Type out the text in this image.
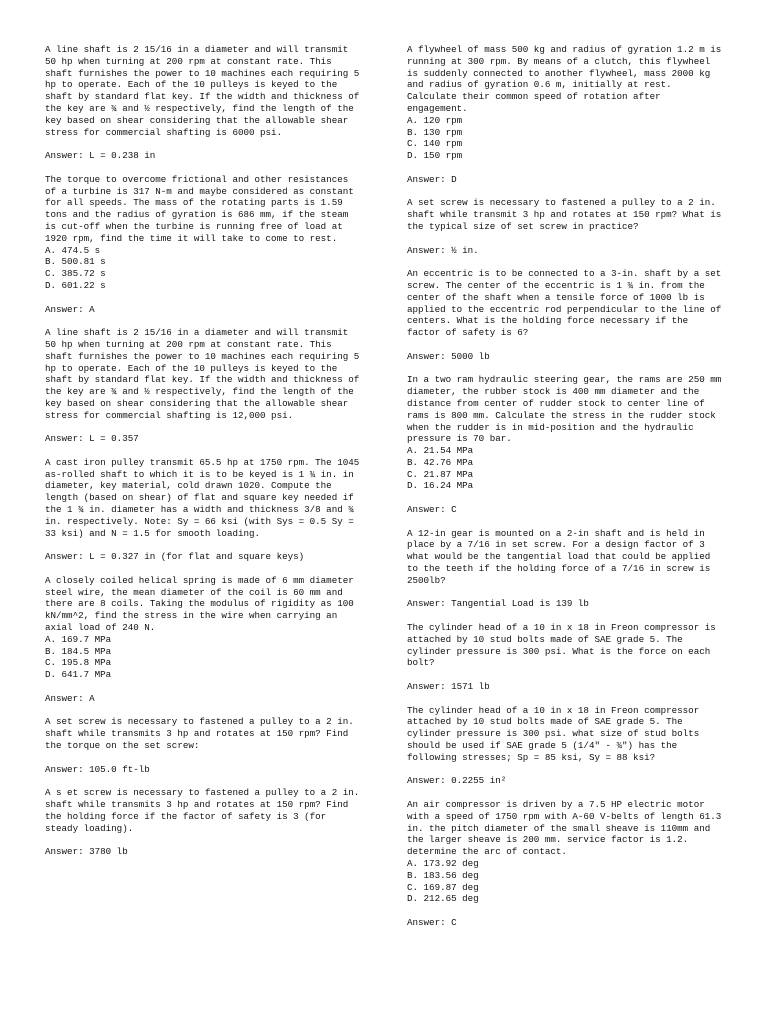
A line shaft is 2 15/16 in a diameter and will transmit 50 hp when turning at 200 rpm at constant rate. This shaft furnishes the power to 10 machines each requiring 5 hp to operate. Each of the 10 pulleys is keyed to the shaft by standard flat key. If the width and thickness of the key are ¾ and ½ respectively, find the length of the key based on shear considering that the allowable shear stress for commercial shafting is 6000 psi.

Answer: L = 0.238 in

The torque to overcome frictional and other resistances of a turbine is 317 N-m and maybe considered as constant for all speeds. The mass of the rotating parts is 1.59 tons and the radius of gyration is 686 mm, if the steam is cut-off when the turbine is running free of load at 1920 rpm, find the time it will take to come to rest.

A. 474.5 s
B. 500.81 s
C. 385.72 s
D. 601.22 s

Answer: A

A line shaft is 2 15/16 in a diameter and will transmit 50 hp when turning at 200 rpm at constant rate. This shaft furnishes the power to 10 machines each requiring 5 hp to operate. Each of the 10 pulleys is keyed to the shaft by standard flat key. If the width and thickness of the key are ¾ and ½ respectively, find the length of the key based on shear considering that the allowable shear stress for commercial shafting is 12,000 psi.

Answer: L = 0.357

A cast iron pulley transmit 65.5 hp at 1750 rpm. The 1045 as-rolled shaft to which it is to be keyed is 1 ¾ in. in diameter, key material, cold drawn 1020. Compute the length (based on shear) of flat and square key needed if the 1 ¾ in. diameter has a width and thickness 3/8 and ¾ in. respectively. Note: Sy = 66 ksi (with Sys = 0.5 Sy = 33 ksi) and N = 1.5 for smooth loading.

Answer: L = 0.327 in (for flat and square keys)

A closely coiled helical spring is made of 6 mm diameter steel wire, the mean diameter of the coil is 60 mm and there are 8 coils. Taking the modulus of rigidity as 100 kN/mm^2, find the stress in the wire when carrying an axial load of 240 N.

A. 169.7 MPa
B. 184.5 MPa
C. 195.8 MPa
D. 641.7 MPa

Answer: A

A set screw is necessary to fastened a pulley to a 2 in. shaft while transmits 3 hp and rotates at 150 rpm? Find the torque on the set screw:

Answer: 105.0 ft-lb

A s et screw is necessary to fastened a pulley to a 2 in. shaft while transmits 3 hp and rotates at 150 rpm? Find the holding force if the factor of safety is 3 (for steady loading).

Answer: 3780 lb

A flywheel of mass 500 kg and radius of gyration 1.2 m is running at 300 rpm. By means of a clutch, this flywheel is suddenly connected to another flywheel, mass 2000 kg and radius of gyration 0.6 m, initially at rest. Calculate their common speed of rotation after engagement.

A. 120 rpm
B. 130 rpm
C. 140 rpm
D. 150 rpm

Answer: D

A set screw is necessary to fastened a pulley to a 2 in. shaft while transmit 3 hp and rotates at 150 rpm? What is the typical size of set screw in practice?

Answer: ½ in.

An eccentric is to be connected to a 3-in. shaft by a set screw. The center of the eccentric is 1 ¾ in. from the center of the shaft when a tensile force of 1000 lb is applied to the eccentric rod perpendicular to the line of centers. What is the holding force necessary if the factor of safety is 6?

Answer: 5000 lb

In a two ram hydraulic steering gear, the rams are 250 mm diameter, the rubber stock is 400 mm diameter and the distance from center of rudder stock to center line of rams is 800 mm. Calculate the stress in the rudder stock when the rudder is in mid-position and the hydraulic pressure is 70 bar.

A. 21.54 MPa
B. 42.76 MPa
C. 21.87 MPa
D. 16.24 MPa

Answer: C

A 12-in gear is mounted on a 2-in shaft and is held in place by a 7/16 in set screw. For a design factor of 3 what would be the tangential load that could be applied to the teeth if the holding force of a 7/16 in screw is 2500lb?

Answer: Tangential Load is 139 lb

The cylinder head of a 10 in x 18 in Freon compressor is attached by 10 stud bolts made of SAE grade 5. The cylinder pressure is 300 psi. What is the force on each bolt?

Answer: 1571 lb

The cylinder head of a 10 in x 18 in Freon compressor attached by 10 stud bolts made of SAE grade 5. The cylinder pressure is 300 psi. what size of stud bolts should be used if SAE grade 5 (1/4" - ¾") has the following stresses; Sp = 85 ksi, Sy = 88 ksi?

Answer: 0.2255 in²

An air compressor is driven by a 7.5 HP electric motor with a speed of 1750 rpm with A-60 V-belts of length 61.3 in. the pitch diameter of the small sheave is 110mm and the larger sheave is 200 mm. service factor is 1.2. determine the arc of contact.

A. 173.92 deg
B. 183.56 deg
C. 169.87 deg
D. 212.65 deg

Answer: C
